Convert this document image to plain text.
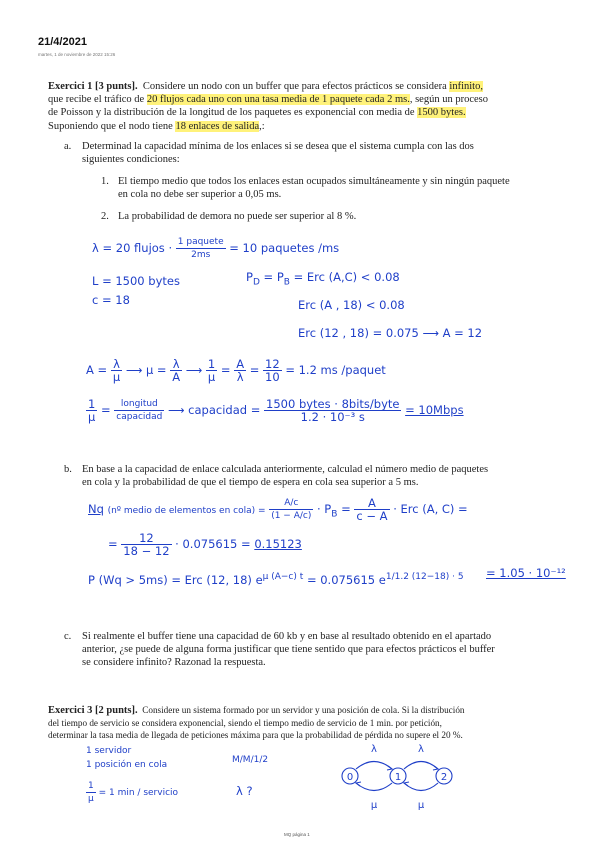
21/4/2021
martes, 1 de noviembre de 2022 15:26
Exercici 1 [3 punts]. Considere un nodo con un buffer que para efectos prácticos se considera infinito,
que recibe el tráfico de 20 flujos cada uno con una tasa media de 1 paquete cada 2 ms., según un proceso
de Poisson y la distribución de la longitud de los paquetes es exponencial con media de 1500 bytes.
Suponiendo que el nodo tiene 18 enlaces de salida,:
a. Determinad la capacidad mínima de los enlaces si se desea que el sistema cumpla con las dos
siguientes condiciones:
1. El tiempo medio que todos los enlaces estan ocupados simultáneamente y sin ningún paquete
en cola no debe ser superior a 0,05 ms.
2. La probabilidad de demora no puede ser superior al 8 %.
λ = 20 flujos · $\frac{\text{1 paquete}}{2ms} = 10$ paquetes /ms
L = 1500 bytes
c = 18
$P_D = P_B$ = Erc (A,C) < 0.08
Erc (A , 18) < 0.08
Erc (12 , 18) = 0.075 ⟶ A = 12
$A = \frac{\lambda}{\mu}$ ⟶ $\mu = \frac{\lambda}{A}$ ⟶ $\frac{1}{\mu} = \frac{A}{\lambda} = \frac{12}{10} = 1.2$ ms /paquet
$\frac{1}{\mu} = \frac{\text{longitud}}{\text{capacidad}}$ ⟶ capacidad = $\frac{\text{1500 bytes · 8bits/byte}}{\text{1.2 · 10⁻³ s}}$ = 10Mbps
b. En base a la capacidad de enlace calculada anteriormente, calculad el número medio de paquetes
en cola y la probabilidad de que el tiempo de espera en cola sea superior a 5 ms.
Nq (nº medio de elementos en cola) = $\frac{A/c}{(1 - A/c)} \cdot P_B = \frac{A}{c - A}$ · Erc (A, C) =
= $\frac{12}{18 - 12} \cdot 0.075615 = 0.15123$
P (Wq > 5ms) = Erc (12, 18) $e^{\mu (A-c) t} = 0.075615$ $e^{1/1.2 (12-18) \cdot 5} = 1.05 \cdot 10^{-12}$
c. Si realmente el buffer tiene una capacidad de 60 kb y en base al resultado obtenido en el apartado
anterior, ¿se puede de alguna forma justificar que tiene sentido que para efectos prácticos el buffer
se considere infinito? Razonad la respuesta.
Exercici 3 [2 punts]. Considere un sistema formado por un servidor y una posición de cola. Si la distribución
del tiempo de servicio se considera exponencial, siendo el tiempo medio de servicio de 1 min. por petición,
determinar la tasa media de llegada de peticiones máxima para que la probabilidad de pérdida no supere el 20 %.
1 servidor
1 posición en cola	M/M/1/2
$\frac{1}{\mu} = 1$ min / servicio	λ ?
0	1	2
λ	λ
μ	μ
MQ página 1
